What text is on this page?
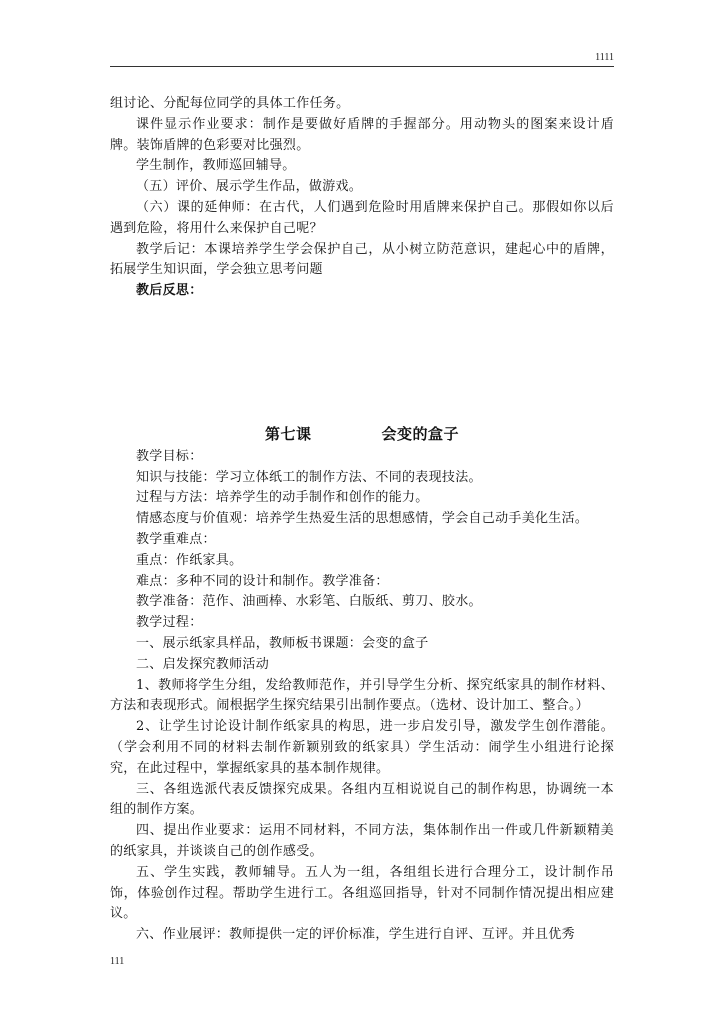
1111

组讨论、分配每位同学的具体工作任务。

课件显示作业要求：制作是要做好盾牌的手握部分。用动物头的图案来设计盾牌。装饰盾牌的色彩要对比强烈。

学生制作，教师巡回辅导。

（五）评价、展示学生作品，做游戏。

（六）课的延伸师：在古代，人们遇到危险时用盾牌来保护自己。那假如你以后遇到危险，将用什么来保护自己呢？

教学后记：本课培养学生学会保护自己，从小树立防范意识，建起心中的盾牌，拓展学生知识面，学会独立思考问题

教后反思：

第七课	会变的盒子

教学目标：

知识与技能：学习立体纸工的制作方法、不同的表现技法。

过程与方法：培养学生的动手制作和创作的能力。

情感态度与价值观：培养学生热爱生活的思想感情，学会自己动手美化生活。

教学重难点：

重点：作纸家具。

难点：多种不同的设计和制作。教学准备：

教学准备：范作、油画棒、水彩笔、白版纸、剪刀、胶水。

教学过程：

一、展示纸家具样品，教师板书课题：会变的盒子

二、启发探究教师活动

1、教师将学生分组，发给教师范作，并引导学生分析、探究纸家具的制作材料、方法和表现形式。闹根据学生探究结果引出制作要点。（选材、设计加工、整合。）

2、让学生讨论设计制作纸家具的构思，进一步启发引导，激发学生创作潜能。（学会利用不同的材料去制作新颖别致的纸家具）学生活动：闹学生小组进行论探究，在此过程中，掌握纸家具的基本制作规律。

三、各组选派代表反馈探究成果。各组内互相说说自己的制作构思，协调统一本组的制作方案。

四、提出作业要求：运用不同材料，不同方法，集体制作出一件或几件新颖精美的纸家具，并谈谈自己的创作感受。

五、学生实践，教师辅导。五人为一组，各组组长进行合理分工，设计制作吊饰，体验创作过程。帮助学生进行工。各组巡回指导，针对不同制作情况提出相应建议。

六、作业展评：教师提供一定的评价标准，学生进行自评、互评。并且优秀

111
